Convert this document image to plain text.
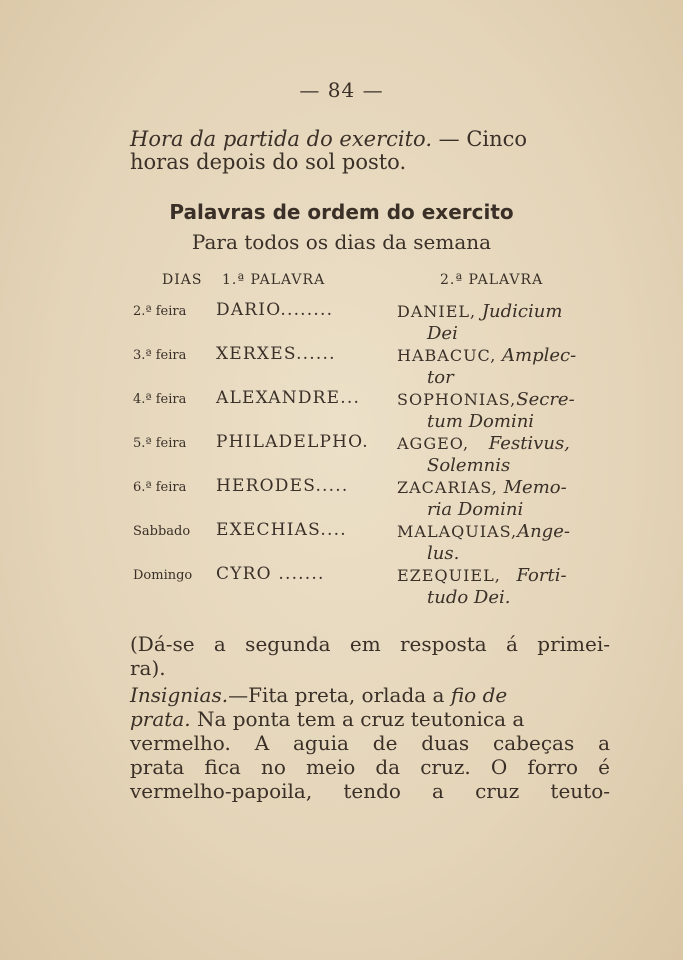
— 84 —
Hora da partida do exercito. — Cinco
horas depois do sol posto.
Palavras de ordem do exercito
Para todos os dias da semana
DIAS 1.ª PALAVRA	2.ª PALAVRA
2.ª feira DARIO........	DANIEL, Judicium
Dei
3.ª feira XERXES......	HABACUC, Amplec-
tor
4.ª feira ALEXANDRE... SOPHONIAS,Secre-
tum Domini
5.ª feira PHILADELPHO. AGGEO, Festivus,
Solemnis
6.ª feira HERODES.....	ZACARIAS, Memo-
ria Domini
Sabbado EXECHIAS....	MALAQUIAS,Ange-
lus.
Domingo CYRO .......	EZEQUIEL, Forti-
tudo Dei.
(Dá-se a segunda em resposta á primei-
ra).
Insignias.—Fita preta, orlada a fio de
prata. Na ponta tem a cruz teutonica a
vermelho. A aguia de duas cabeças a
prata fica no meio da cruz. O forro é
vermelho-papoila, tendo a cruz teuto-
